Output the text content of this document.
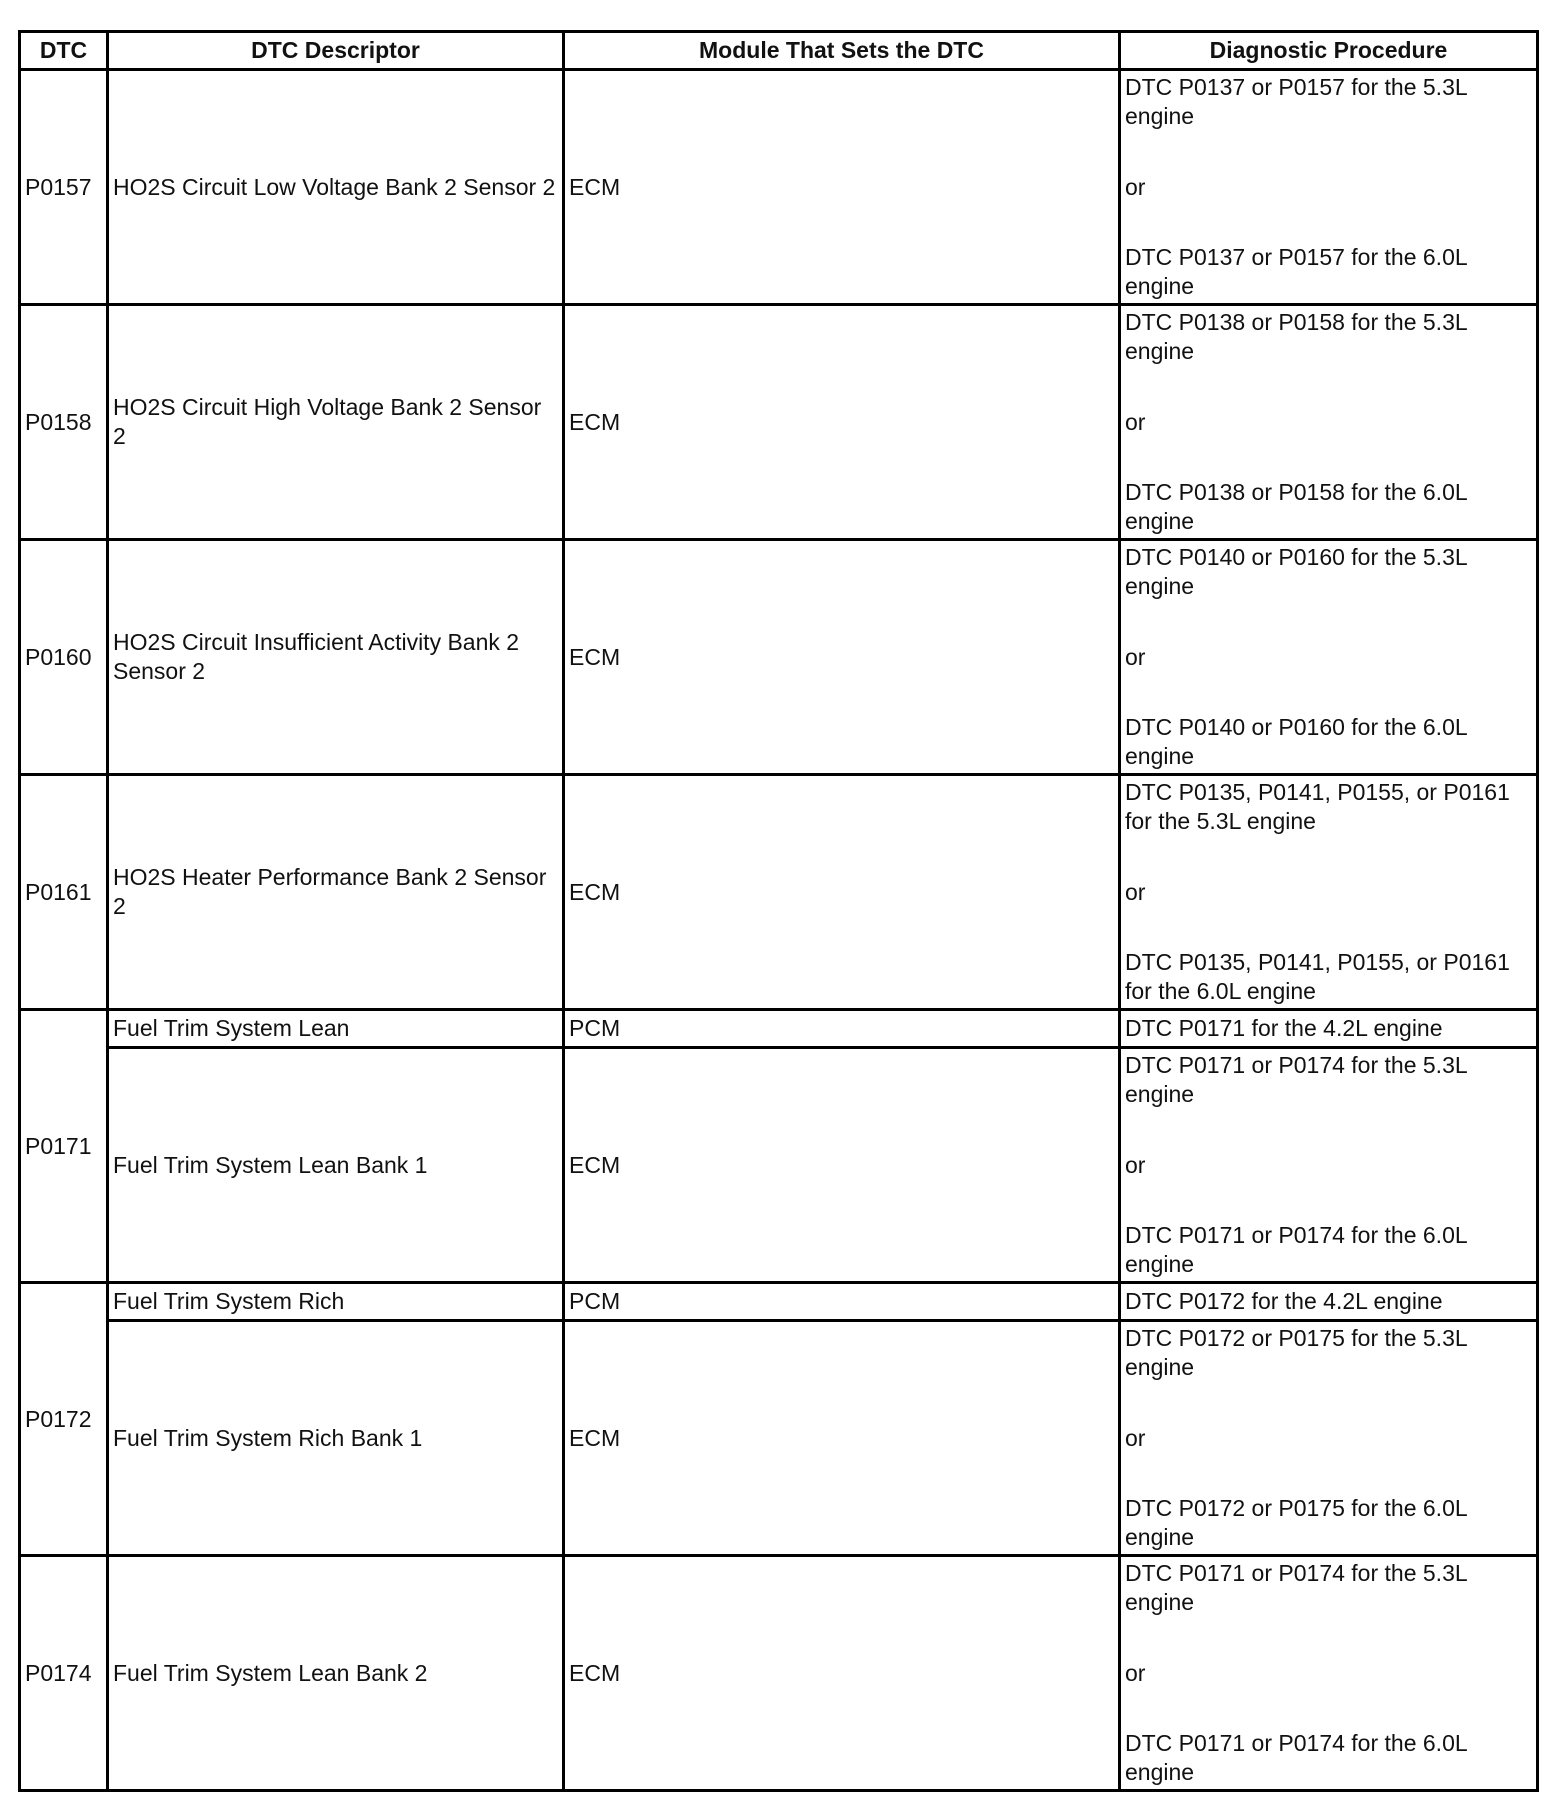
DTC	DTC Descriptor	Module That Sets the DTC	Diagnostic Procedure
P0157	HO2S Circuit Low Voltage Bank 2 Sensor 2	ECM	DTC P0137 or P0157 for the 5.3L engine
or
DTC P0137 or P0157 for the 6.0L engine

P0158	HO2S Circuit High Voltage Bank 2 Sensor 2	ECM	DTC P0138 or P0158 for the 5.3L engine
or
DTC P0138 or P0158 for the 6.0L engine

P0160	HO2S Circuit Insufficient Activity Bank 2 Sensor 2	ECM	DTC P0140 or P0160 for the 5.3L engine
or
DTC P0140 or P0160 for the 6.0L engine

P0161	HO2S Heater Performance Bank 2 Sensor 2	ECM	DTC P0135, P0141, P0155, or P0161 for the 5.3L engine
or
DTC P0135, P0141, P0155, or P0161 for the 6.0L engine

P0171	Fuel Trim System Lean	PCM	DTC P0171 for the 4.2L engine
	Fuel Trim System Lean Bank 1	ECM	DTC P0171 or P0174 for the 5.3L engine
or
DTC P0171 or P0174 for the 6.0L engine

P0172	Fuel Trim System Rich	PCM	DTC P0172 for the 4.2L engine
	Fuel Trim System Rich Bank 1	ECM	DTC P0172 or P0175 for the 5.3L engine
or
DTC P0172 or P0175 for the 6.0L engine

P0174	Fuel Trim System Lean Bank 2	ECM	DTC P0171 or P0174 for the 5.3L engine
or
DTC P0171 or P0174 for the 6.0L engine
